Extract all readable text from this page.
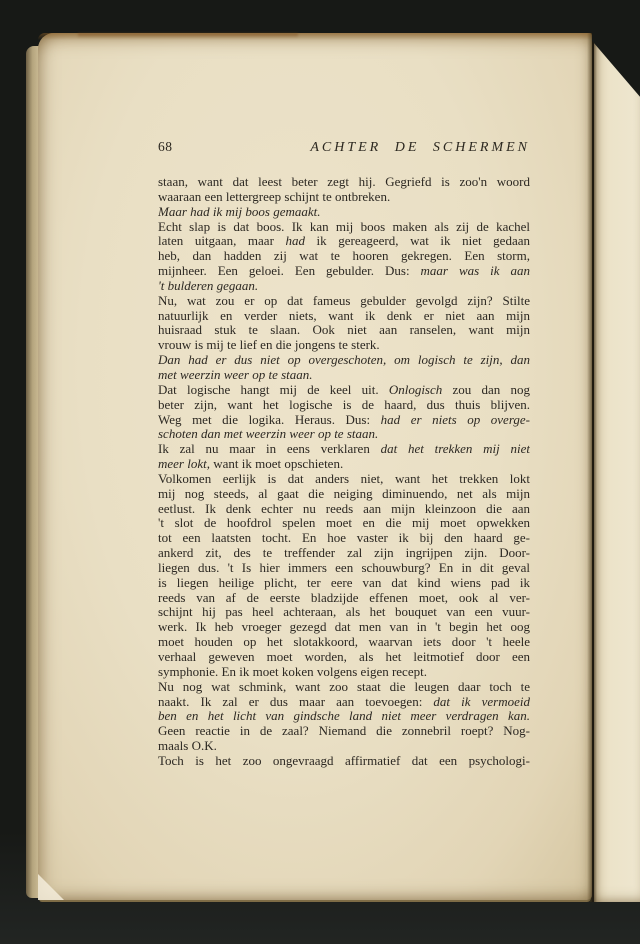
68	ACHTER DE SCHERMEN
staan, want dat leest beter zegt hij. Gegriefd is zoo'n woord
waaraan een lettergreep schijnt te ontbreken.
Maar had ik mij boos gemaakt.
Echt slap is dat boos. Ik kan mij boos maken als zij de kachel
laten uitgaan, maar had ik gereageerd, wat ik niet gedaan
heb, dan hadden zij wat te hooren gekregen. Een storm,
mijnheer. Een geloei. Een gebulder. Dus: maar was ik aan
't bulderen gegaan.
Nu, wat zou er op dat fameus gebulder gevolgd zijn? Stilte
natuurlijk en verder niets, want ik denk er niet aan mijn
huisraad stuk te slaan. Ook niet aan ranselen, want mijn
vrouw is mij te lief en die jongens te sterk.
Dan had er dus niet op overgeschoten, om logisch te zijn, dan
met weerzin weer op te staan.
Dat logische hangt mij de keel uit. Onlogisch zou dan nog
beter zijn, want het logische is de haard, dus thuis blijven.
Weg met die logika. Heraus. Dus: had er niets op overge-
schoten dan met weerzin weer op te staan.
Ik zal nu maar in eens verklaren dat het trekken mij niet
meer lokt, want ik moet opschieten.
Volkomen eerlijk is dat anders niet, want het trekken lokt
mij nog steeds, al gaat die neiging diminuendo, net als mijn
eetlust. Ik denk echter nu reeds aan mijn kleinzoon die aan
't slot de hoofdrol spelen moet en die mij moet opwekken
tot een laatsten tocht. En hoe vaster ik bij den haard ge-
ankerd zit, des te treffender zal zijn ingrijpen zijn. Door-
liegen dus. 't Is hier immers een schouwburg? En in dit geval
is liegen heilige plicht, ter eere van dat kind wiens pad ik
reeds van af de eerste bladzijde effenen moet, ook al ver-
schijnt hij pas heel achteraan, als het bouquet van een vuur-
werk. Ik heb vroeger gezegd dat men van in 't begin het oog
moet houden op het slotakkoord, waarvan iets door 't heele
verhaal geweven moet worden, als het leitmotief door een
symphonie. En ik moet koken volgens eigen recept.
Nu nog wat schmink, want zoo staat die leugen daar toch te
naakt. Ik zal er dus maar aan toevoegen: dat ik vermoeid
ben en het licht van gindsche land niet meer verdragen kan.
Geen reactie in de zaal? Niemand die zonnebril roept? Nog-
maals O.K.
Toch is het zoo ongevraagd affirmatief dat een psychologi-
